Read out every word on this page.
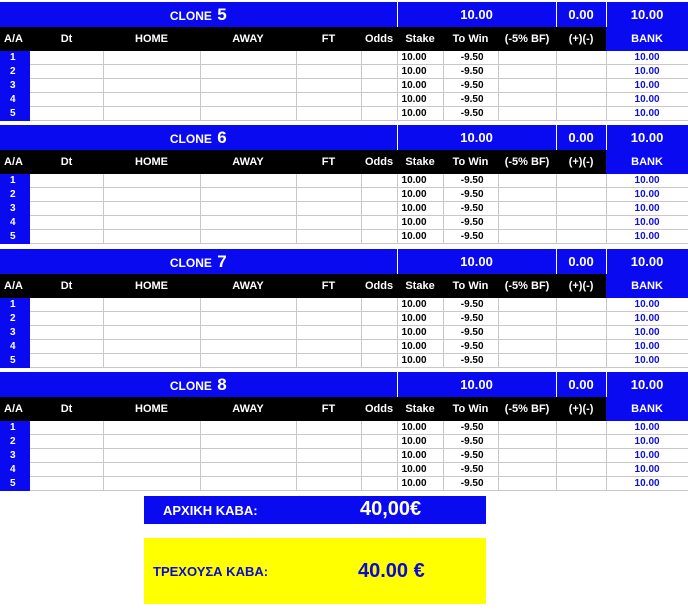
CLONE 5						10.00			0.00	10.00
A/A	Dt	HOME	AWAY	FT	Odds	Stake	To Win	(-5% BF)	(+)(-)	BANK
1						10.00	-9.50			10.00
2						10.00	-9.50			10.00
3						10.00	-9.50			10.00
4						10.00	-9.50			10.00
5						10.00	-9.50			10.00
CLONE 6						10.00			0.00	10.00
A/A	Dt	HOME	AWAY	FT	Odds	Stake	To Win	(-5% BF)	(+)(-)	BANK
1						10.00	-9.50			10.00
2						10.00	-9.50			10.00
3						10.00	-9.50			10.00
4						10.00	-9.50			10.00
5						10.00	-9.50			10.00
CLONE 7						10.00			0.00	10.00
A/A	Dt	HOME	AWAY	FT	Odds	Stake	To Win	(-5% BF)	(+)(-)	BANK
1						10.00	-9.50			10.00
2						10.00	-9.50			10.00
3						10.00	-9.50			10.00
4						10.00	-9.50			10.00
5						10.00	-9.50			10.00
CLONE 8						10.00			0.00	10.00
A/A	Dt	HOME	AWAY	FT	Odds	Stake	To Win	(-5% BF)	(+)(-)	BANK
1						10.00	-9.50			10.00
2						10.00	-9.50			10.00
3						10.00	-9.50			10.00
4						10.00	-9.50			10.00
5						10.00	-9.50			10.00
ΑΡΧΙΚΗ ΚΑΒΑ:	40,00€
ΤΡΕΧΟΥΣΑ ΚΑΒΑ:	40.00 €
